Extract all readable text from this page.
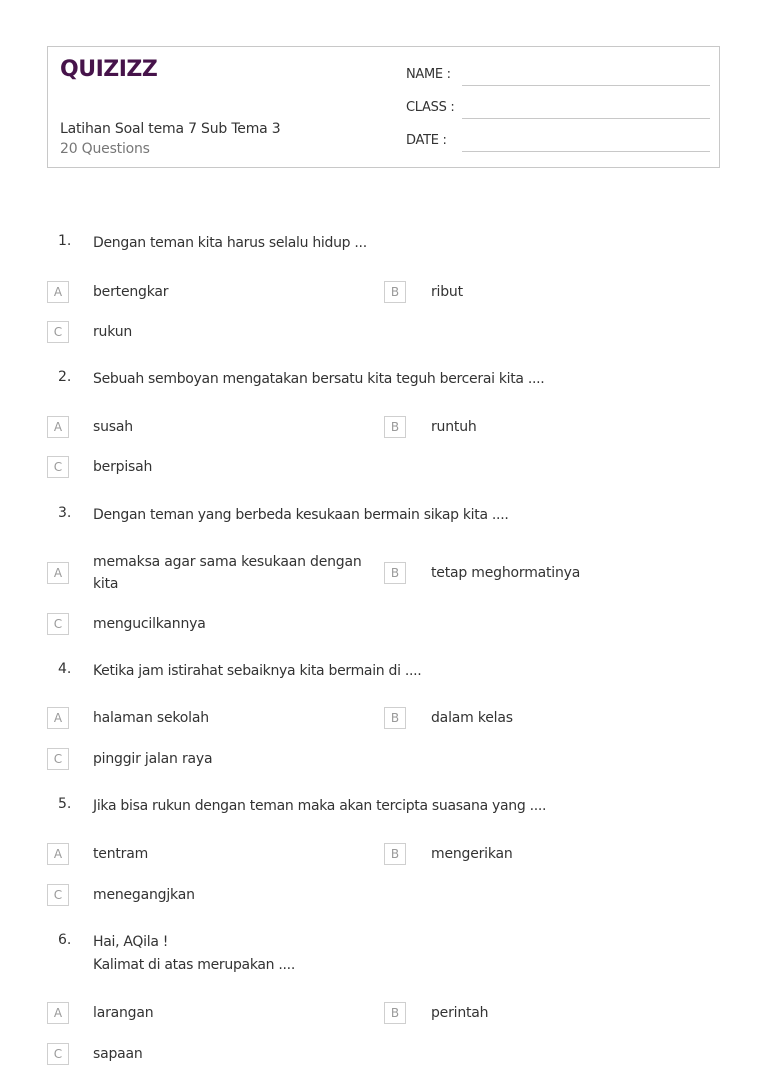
QUIZIZZ
Latihan Soal tema 7 Sub Tema 3
20 Questions
NAME :
CLASS :
DATE :
1. Dengan teman kita harus selalu hidup ...
A	bertengkar	B	ribut
C	rukun
2. Sebuah semboyan mengatakan bersatu kita teguh bercerai kita ....
A	susah	B	runtuh
C	berpisah
3. Dengan teman yang berbeda kesukaan bermain sikap kita ....
A
memaksa agar sama kesukaan dengan
kita
B	tetap meghormatinya
C	mengucilkannya
4. Ketika jam istirahat sebaiknya kita bermain di ....
A	halaman sekolah	B	dalam kelas
C	pinggir jalan raya
5. Jika bisa rukun dengan teman maka akan tercipta suasana yang ....
A	tentram	B	mengerikan
C	menegangjkan
6. Hai, AQila !
Kalimat di atas merupakan ....
A	larangan	B	perintah
C	sapaan
